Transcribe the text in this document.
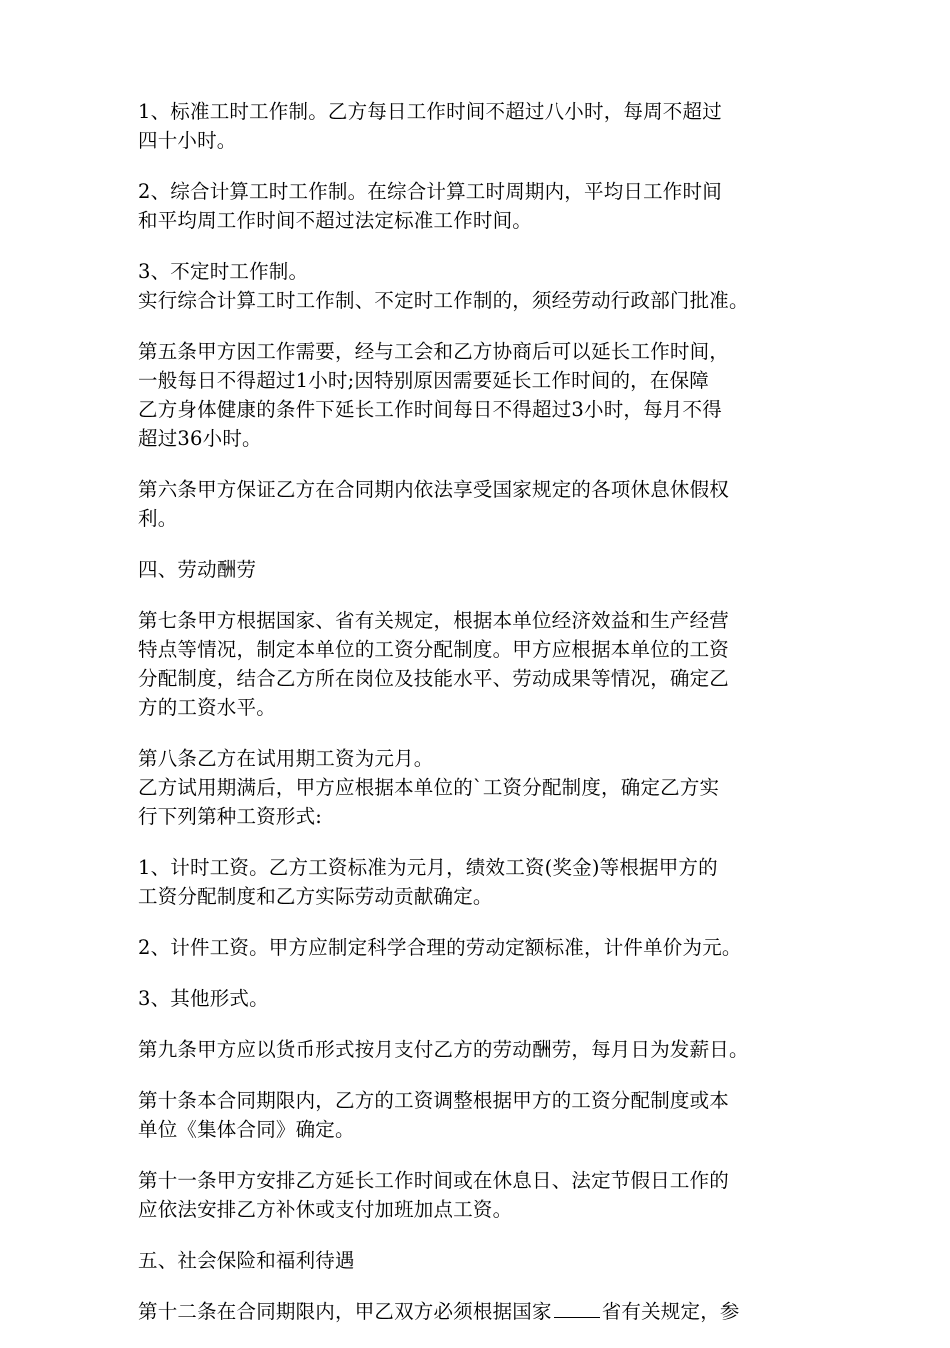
1、标准工时工作制。乙方每日工作时间不超过八小时，每周不超过
四十小时。

2、综合计算工时工作制。在综合计算工时周期内，平均日工作时间
和平均周工作时间不超过法定标准工作时间。

3、不定时工作制。
实行综合计算工时工作制、不定时工作制的，须经劳动行政部门批准。

第五条甲方因工作需要，经与工会和乙方协商后可以延长工作时间，
一般每日不得超过1小时;因特别原因需要延长工作时间的，在保障
乙方身体健康的条件下延长工作时间每日不得超过3小时，每月不得
超过36小时。

第六条甲方保证乙方在合同期内依法享受国家规定的各项休息休假权
利。

四、劳动酬劳

第七条甲方根据国家、省有关规定，根据本单位经济效益和生产经营
特点等情况，制定本单位的工资分配制度。甲方应根据本单位的工资
分配制度，结合乙方所在岗位及技能水平、劳动成果等情况，确定乙
方的工资水平。

第八条乙方在试用期工资为元月。
乙方试用期满后，甲方应根据本单位的`工资分配制度，确定乙方实
行下列第种工资形式:

1、计时工资。乙方工资标准为元月，绩效工资(奖金)等根据甲方的
工资分配制度和乙方实际劳动贡献确定。

2、计件工资。甲方应制定科学合理的劳动定额标准，计件单价为元。

3、其他形式。

第九条甲方应以货币形式按月支付乙方的劳动酬劳，每月日为发薪日。

第十条本合同期限内，乙方的工资调整根据甲方的工资分配制度或本
单位《集体合同》确定。

第十一条甲方安排乙方延长工作时间或在休息日、法定节假日工作的
应依法安排乙方补休或支付加班加点工资。

五、社会保险和福利待遇

第十二条在合同期限内，甲乙双方必须根据国家	省有关规定，参
